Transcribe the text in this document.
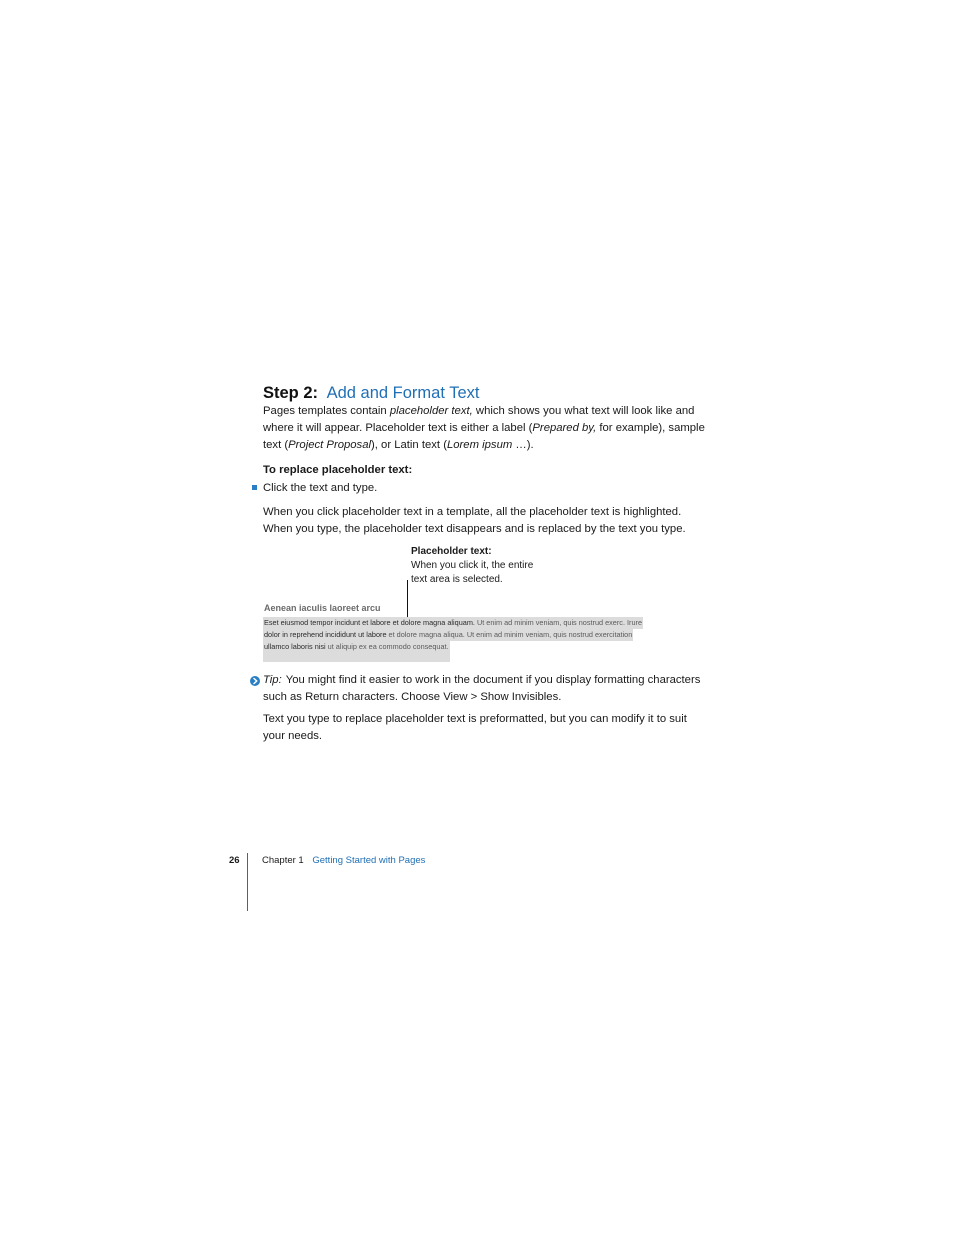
Step 2: Add and Format Text
Pages templates contain placeholder text, which shows you what text will look like and where it will appear. Placeholder text is either a label (Prepared by, for example), sample text (Project Proposal), or Latin text (Lorem ipsum …).
To replace placeholder text:
Click the text and type.
When you click placeholder text in a template, all the placeholder text is highlighted. When you type, the placeholder text disappears and is replaced by the text you type.
Placeholder text:
When you click it, the entire text area is selected.
Aenean iaculis laoreet arcu
Eset eiusmod tempor incidunt et labore et dolore magna aliquam. Ut enim ad minim veniam, quis nostrud exerc. Irure
dolor in reprehend incididunt ut labore et dolore magna aliqua. Ut enim ad minim veniam, quis nostrud exercitation
ullamco laboris nisi ut aliquip ex ea commodo consequat.
Tip: You might find it easier to work in the document if you display formatting characters such as Return characters. Choose View > Show Invisibles.
Text you type to replace placeholder text is preformatted, but you can modify it to suit your needs.
26 Chapter 1 Getting Started with Pages
